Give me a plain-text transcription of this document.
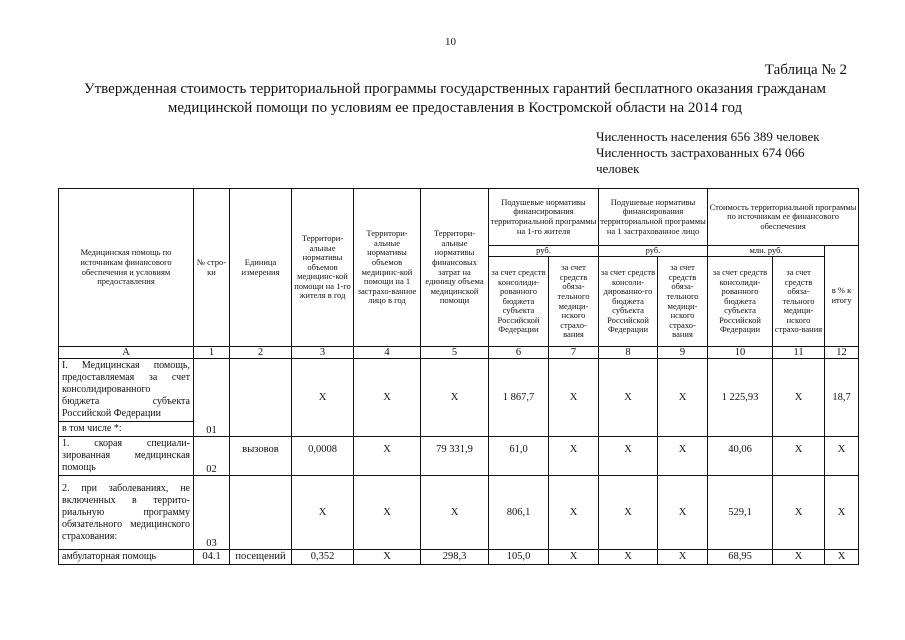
10
Таблица № 2
Утвержденная стоимость территориальной программы государственных гарантий бесплатного оказания гражданам
медицинской помощи по условиям ее предоставления в Костромской области на 2014 год
Численность населения 656 389 человек
Численность застрахованных 674 066
человек
Медицинская помощь по источникам финансового обеспечения и условиям предоставления	№ стро-ки	Единица измерения	Территори-альные нормативы объемов медицинс-кой помощи на 1-го жителя в год	Территори-альные нормативы объемов медицинс-кой помощи на 1 застрахо-ванное лицо в год	Территори-альные нормативы финансовых затрат на единицу объема медицинской помощи	Подушевые нормативы финансирования территориальной программы на 1-го жителя		Подушевые нормативы финансирования территориальной программы на 1 застрахованное лицо		Стоимость территориальной программы по источникам ее финансового обеспечения		
						руб.		руб.		млн. руб.		в % к итогу
						за счет средств консолиди-рованного бюджета субъекта Российской Федерации	за счет средств обяза-тельного медици-нского страхо-вания	за счет средств консоли-дированно-го бюджета субъекта Российской Федерации	за счет средств обяза-тельного медици-нского страхо-вания	за счет средств консолиди-рованного бюджета субъекта Российской Федерации	за счет средств обяза-тельного медици-нского страхо-вания	
А	1	2	3	4	5	6	7	8	9	10	11	12
I. Медицинская помощь, предоставляемая за счет консолидированного бюджета субъекта Российской Федерации	01		X	X	X	1 867,7	X	X	X	1 225,93	X	18,7
в том числе *:												
1. скорая специали-зированная медицинская помощь	02	вызовов	0,0008	X	79 331,9	61,0	X	X	X	40,06	X	X
2. при заболеваниях, не включенных в террито-риальную программу обязательного медицинского страхования:	03		X	X	X	806,1	X	X	X	529,1	X	X
амбулаторная помощь	04.1	посещений	0,352	X	298,3	105,0	X	X	X	68,95	X	X
